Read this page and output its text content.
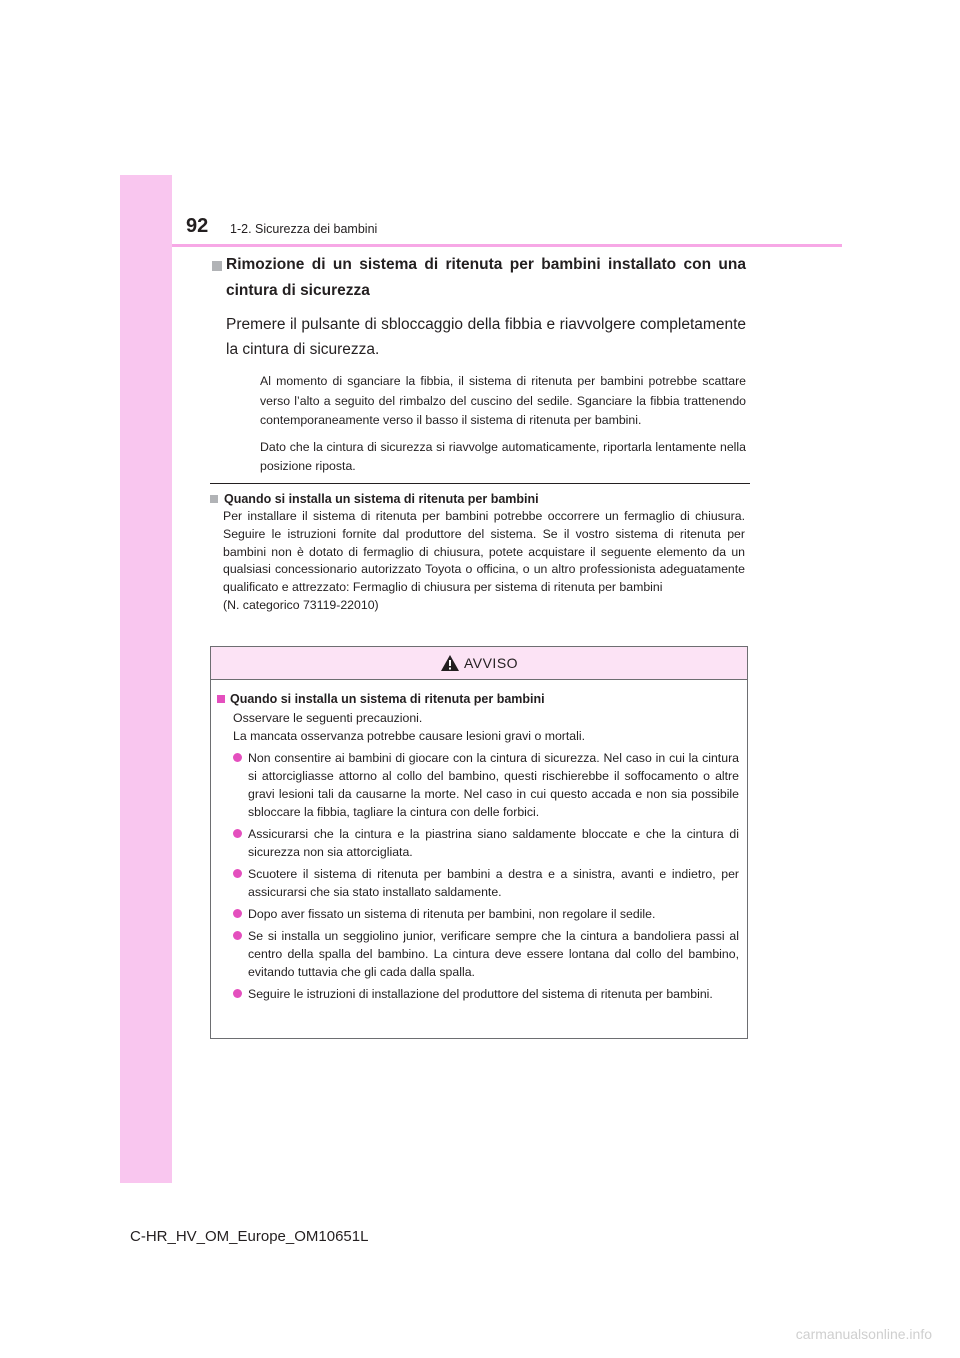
92 1-2. Sicurezza dei bambini
Rimozione di un sistema di ritenuta per bambini installato con una cintura di sicurezza
Premere il pulsante di sbloccaggio della fibbia e riavvolgere completamente la cintura di sicurezza.
Al momento di sganciare la fibbia, il sistema di ritenuta per bambini potrebbe scattare verso l’alto a seguito del rimbalzo del cuscino del sedile. Sganciare la fibbia trattenendo contemporaneamente verso il basso il sistema di ritenuta per bambini.
Dato che la cintura di sicurezza si riavvolge automaticamente, riportarla lentamente nella posizione riposta.
Quando si installa un sistema di ritenuta per bambini
Per installare il sistema di ritenuta per bambini potrebbe occorrere un fermaglio di chiusura. Seguire le istruzioni fornite dal produttore del sistema. Se il vostro sistema di ritenuta per bambini non è dotato di fermaglio di chiusura, potete acquistare il seguente elemento da un qualsiasi concessionario autorizzato Toyota o officina, o un altro professionista adeguatamente qualificato e attrezzato: Fermaglio di chiusura per sistema di ritenuta per bambini
(N. categorico 73119-22010)
AVVISO
Quando si installa un sistema di ritenuta per bambini
Osservare le seguenti precauzioni.
La mancata osservanza potrebbe causare lesioni gravi o mortali.
Non consentire ai bambini di giocare con la cintura di sicurezza. Nel caso in cui la cintura si attorcigliasse attorno al collo del bambino, questi rischierebbe il soffocamento o altre gravi lesioni tali da causarne la morte. Nel caso in cui questo accada e non sia possibile sbloccare la fibbia, tagliare la cintura con delle forbici.
Assicurarsi che la cintura e la piastrina siano saldamente bloccate e che la cintura di sicurezza non sia attorcigliata.
Scuotere il sistema di ritenuta per bambini a destra e a sinistra, avanti e indietro, per assicurarsi che sia stato installato saldamente.
Dopo aver fissato un sistema di ritenuta per bambini, non regolare il sedile.
Se si installa un seggiolino junior, verificare sempre che la cintura a bandoliera passi al centro della spalla del bambino. La cintura deve essere lontana dal collo del bambino, evitando tuttavia che gli cada dalla spalla.
Seguire le istruzioni di installazione del produttore del sistema di ritenuta per bambini.
C-HR_HV_OM_Europe_OM10651L
carmanualsonline.info
